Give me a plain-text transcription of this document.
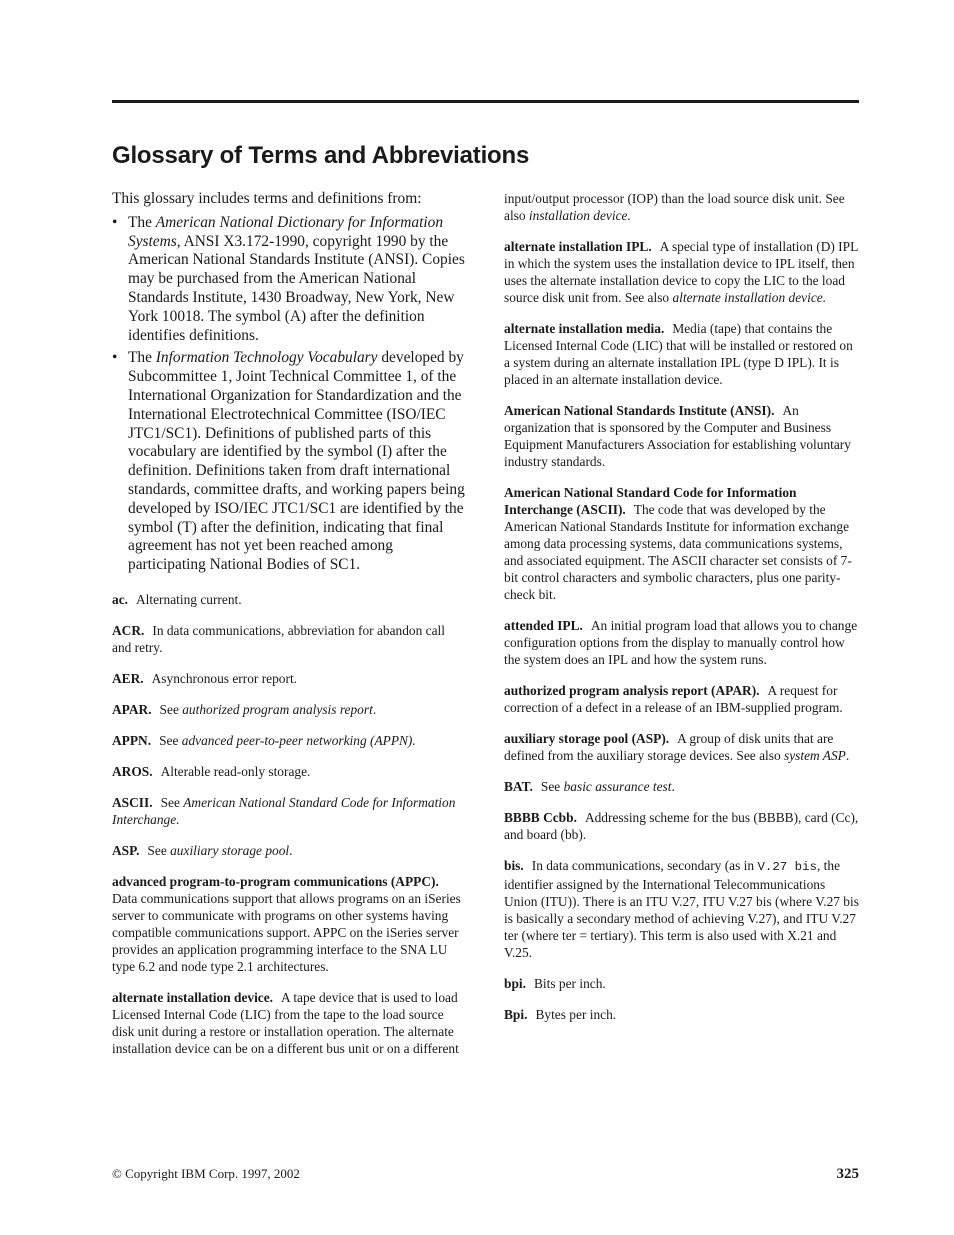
Glossary of Terms and Abbreviations

This glossary includes terms and definitions from:

• The American National Dictionary for Information Systems, ANSI X3.172-1990, copyright 1990 by the American National Standards Institute (ANSI). Copies may be purchased from the American National Standards Institute, 1430 Broadway, New York, New York 10018. The symbol (A) after the definition identifies definitions.
• The Information Technology Vocabulary developed by Subcommittee 1, Joint Technical Committee 1, of the International Organization for Standardization and the International Electrotechnical Committee (ISO/IEC JTC1/SC1). Definitions of published parts of this vocabulary are identified by the symbol (I) after the definition. Definitions taken from draft international standards, committee drafts, and working papers being developed by ISO/IEC JTC1/SC1 are identified by the symbol (T) after the definition, indicating that final agreement has not yet been reached among participating National Bodies of SC1.

ac. Alternating current.

ACR. In data communications, abbreviation for abandon call and retry.

AER. Asynchronous error report.

APAR. See authorized program analysis report.

APPN. See advanced peer-to-peer networking (APPN).

AROS. Alterable read-only storage.

ASCII. See American National Standard Code for Information Interchange.

ASP. See auxiliary storage pool.

advanced program-to-program communications (APPC).Data communications support that allows programs on an iSeries server to communicate with programs on other systems having compatible communications support. APPC on the iSeries server provides an application programming interface to the SNA LU type 6.2 and node type 2.1 architectures.

alternate installation device. A tape device that is used to load Licensed Internal Code (LIC) from the tape to the load source disk unit during a restore or installation operation. The alternate installation device can be on a different bus unit or on a different

input/output processor (IOP) than the load source disk unit. See also installation device.

alternate installation IPL. A special type of installation (D) IPL in which the system uses the installation device to IPL itself, then uses the alternate installation device to copy the LIC to the load source disk unit from. See also alternate installation device.

alternate installation media. Media (tape) that contains the Licensed Internal Code (LIC) that will be installed or restored on a system during an alternate installation IPL (type D IPL). It is placed in an alternate installation device.

American National Standards Institute (ANSI). An organization that is sponsored by the Computer and Business Equipment Manufacturers Association for establishing voluntary industry standards.

American National Standard Code for Information Interchange (ASCII). The code that was developed by the American National Standards Institute for information exchange among data processing systems, data communications systems, and associated equipment. The ASCII character set consists of 7-bit control characters and symbolic characters, plus one parity-check bit.

attended IPL. An initial program load that allows you to change configuration options from the display to manually control how the system does an IPL and how the system runs.

authorized program analysis report (APAR). A request for correction of a defect in a release of an IBM-supplied program.

auxiliary storage pool (ASP). A group of disk units that are defined from the auxiliary storage devices. See also system ASP.

BAT. See basic assurance test.

BBBB Ccbb. Addressing scheme for the bus (BBBB), card (Cc), and board (bb).

bis. In data communications, secondary (as in V.27 bis, the identifier assigned by the International Telecommunications Union (ITU)). There is an ITU V.27, ITU V.27 bis (where V.27 bis is basically a secondary method of achieving V.27), and ITU V.27 ter (where ter = tertiary). This term is also used with X.21 and V.25.

bpi. Bits per inch.

Bpi. Bytes per inch.

© Copyright IBM Corp. 1997, 2002	325
